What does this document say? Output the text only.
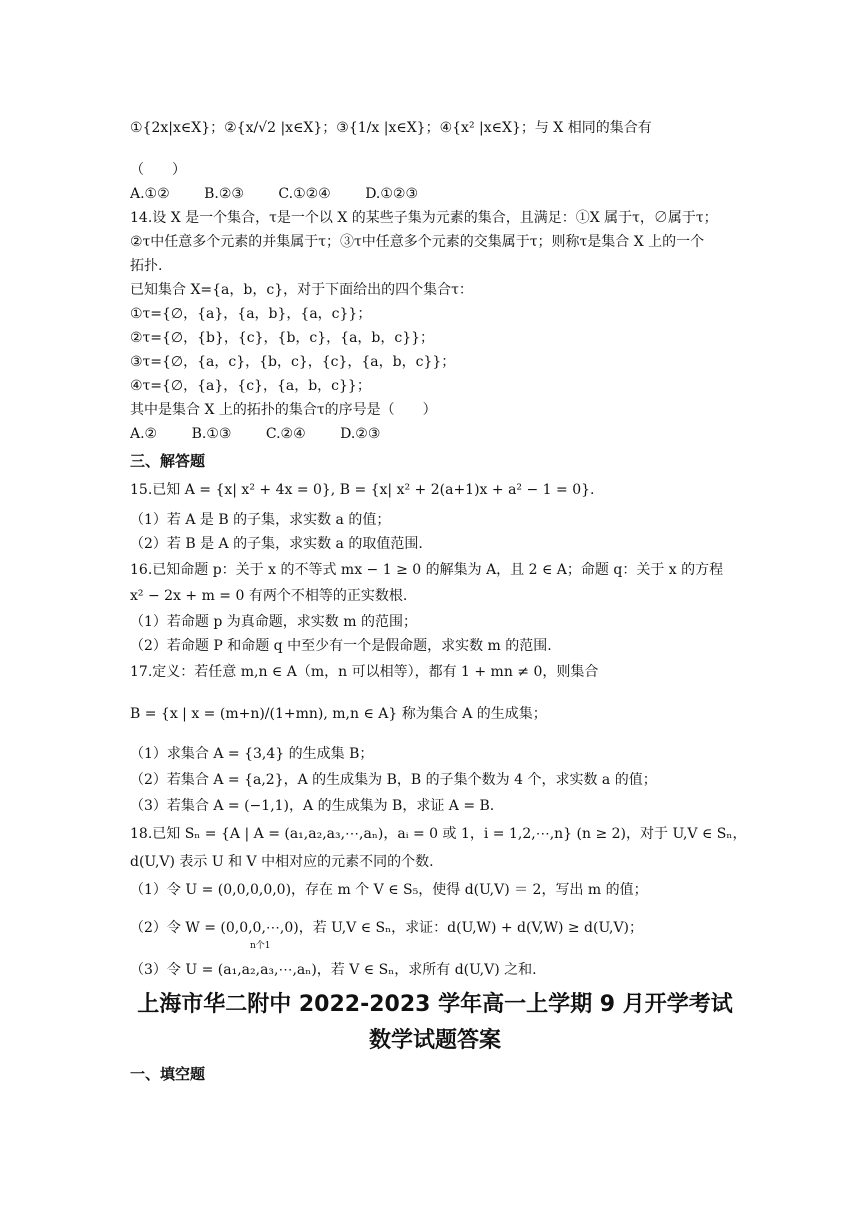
①{2x|x∈X}；②{x/√2 |x∈X}；③{1/x |x∈X}；④{x² |x∈X}；与 X 相同的集合有
（　　）
A.①② B.②③ C.①②④ D.①②③
14.设 X 是一个集合，τ是一个以 X 的某些子集为元素的集合，且满足：①X 属于τ，∅属于τ；
②τ中任意多个元素的并集属于τ；③τ中任意多个元素的交集属于τ；则称τ是集合 X 上的一个
拓扑.
已知集合 X={a，b，c}，对于下面给出的四个集合τ：
①τ={∅，{a}，{a，b}，{a，c}}；
②τ={∅，{b}，{c}，{b，c}，{a，b，c}}；
③τ={∅，{a，c}，{b，c}，{c}，{a，b，c}}；
④τ={∅，{a}，{c}，{a，b，c}}；
其中是集合 X 上的拓扑的集合τ的序号是（　　）
A.② B.①③ C.②④ D.②③
三、解答题
15.已知 A = {x| x² + 4x = 0}, B = {x| x² + 2(a+1)x + a² − 1 = 0}.
（1）若 A 是 B 的子集，求实数 a 的值；
（2）若 B 是 A 的子集，求实数 a 的取值范围.
16.已知命题 p：关于 x 的不等式 mx − 1 ≥ 0 的解集为 A，且 2 ∈ A；命题 q：关于 x 的方程
x² − 2x + m = 0 有两个不相等的正实数根.
（1）若命题 p 为真命题，求实数 m 的范围；
（2）若命题 P 和命题 q 中至少有一个是假命题，求实数 m 的范围.
17.定义：若任意 m,n ∈ A（m，n 可以相等），都有 1 + mn ≠ 0，则集合
B = {x | x = (m+n)/(1+mn), m,n ∈ A} 称为集合 A 的生成集；
（1）求集合 A = {3,4} 的生成集 B；
（2）若集合 A = {a,2}，A 的生成集为 B，B 的子集个数为 4 个，求实数 a 的值；
（3）若集合 A = (−1,1)，A 的生成集为 B，求证 A = B.
18.已知 Sₙ = {A | A = (a₁,a₂,a₃,⋯,aₙ)，aᵢ = 0 或 1，i = 1,2,⋯,n} (n ≥ 2)，对于 U,V ∈ Sₙ，
d(U,V) 表示 U 和 V 中相对应的元素不同的个数.
（1）令 U = (0,0,0,0,0)，存在 m 个 V ∈ S₅，使得 d(U,V) ＝ 2，写出 m 的值；
（2）令 W = (0,0,0,⋯,0)，若 U,V ∈ Sₙ，求证：d(U,W) + d(V,W) ≥ d(U,V)；
n个1
（3）令 U = (a₁,a₂,a₃,⋯,aₙ)，若 V ∈ Sₙ，求所有 d(U,V) 之和.
上海市华二附中 2022-2023 学年高一上学期 9 月开学考试
数学试题答案
一、填空题
